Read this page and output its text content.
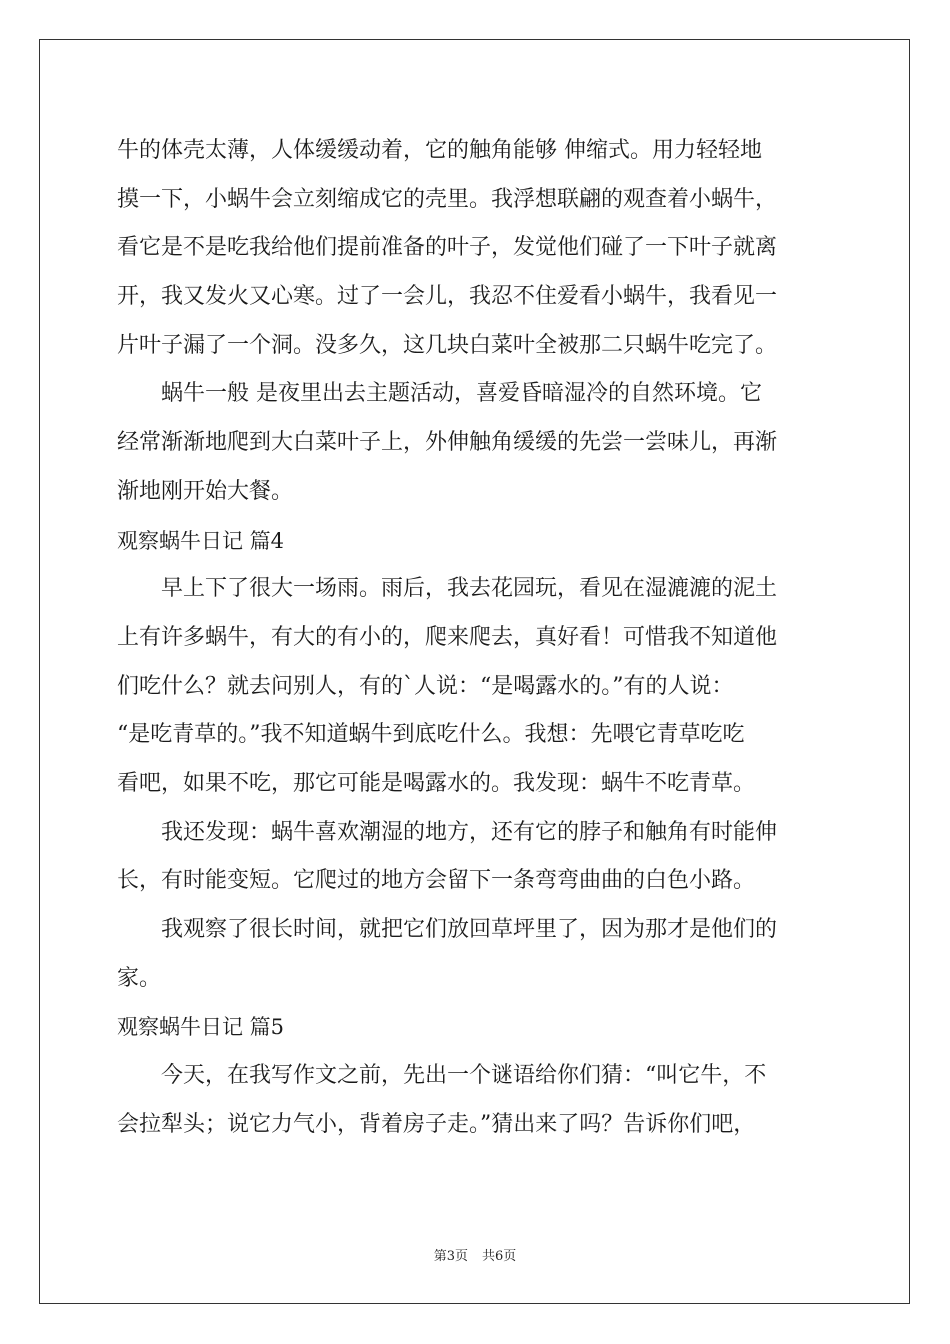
牛的体壳太薄，人体缓缓动着，它的触角能够 伸缩式。用力轻轻地
摸一下，小蜗牛会立刻缩成它的壳里。我浮想联翩的观查着小蜗牛，
看它是不是吃我给他们提前准备的叶子，发觉他们碰了一下叶子就离
开，我又发火又心寒。过了一会儿，我忍不住爱看小蜗牛，我看见一
片叶子漏了一个洞。没多久，这几块白菜叶全被那二只蜗牛吃完了。
　　蜗牛一般 是夜里出去主题活动，喜爱昏暗湿冷的自然环境。它
经常渐渐地爬到大白菜叶子上，外伸触角缓缓的先尝一尝味儿，再渐
渐地刚开始大餐。
观察蜗牛日记 篇4
　　早上下了很大一场雨。雨后，我去花园玩，看见在湿漉漉的泥土
上有许多蜗牛，有大的有小的，爬来爬去，真好看！可惜我不知道他
们吃什么？就去问别人，有的`人说：“是喝露水的。”有的人说：
“是吃青草的。”我不知道蜗牛到底吃什么。我想：先喂它青草吃吃
看吧，如果不吃，那它可能是喝露水的。我发现：蜗牛不吃青草。
　　我还发现：蜗牛喜欢潮湿的地方，还有它的脖子和触角有时能伸
长，有时能变短。它爬过的地方会留下一条弯弯曲曲的白色小路。
　　我观察了很长时间，就把它们放回草坪里了，因为那才是他们的
家。
观察蜗牛日记 篇5
　　今天，在我写作文之前，先出一个谜语给你们猜：“叫它牛，不
会拉犁头；说它力气小，背着房子走。”猜出来了吗？告诉你们吧，
第3页 共6页
